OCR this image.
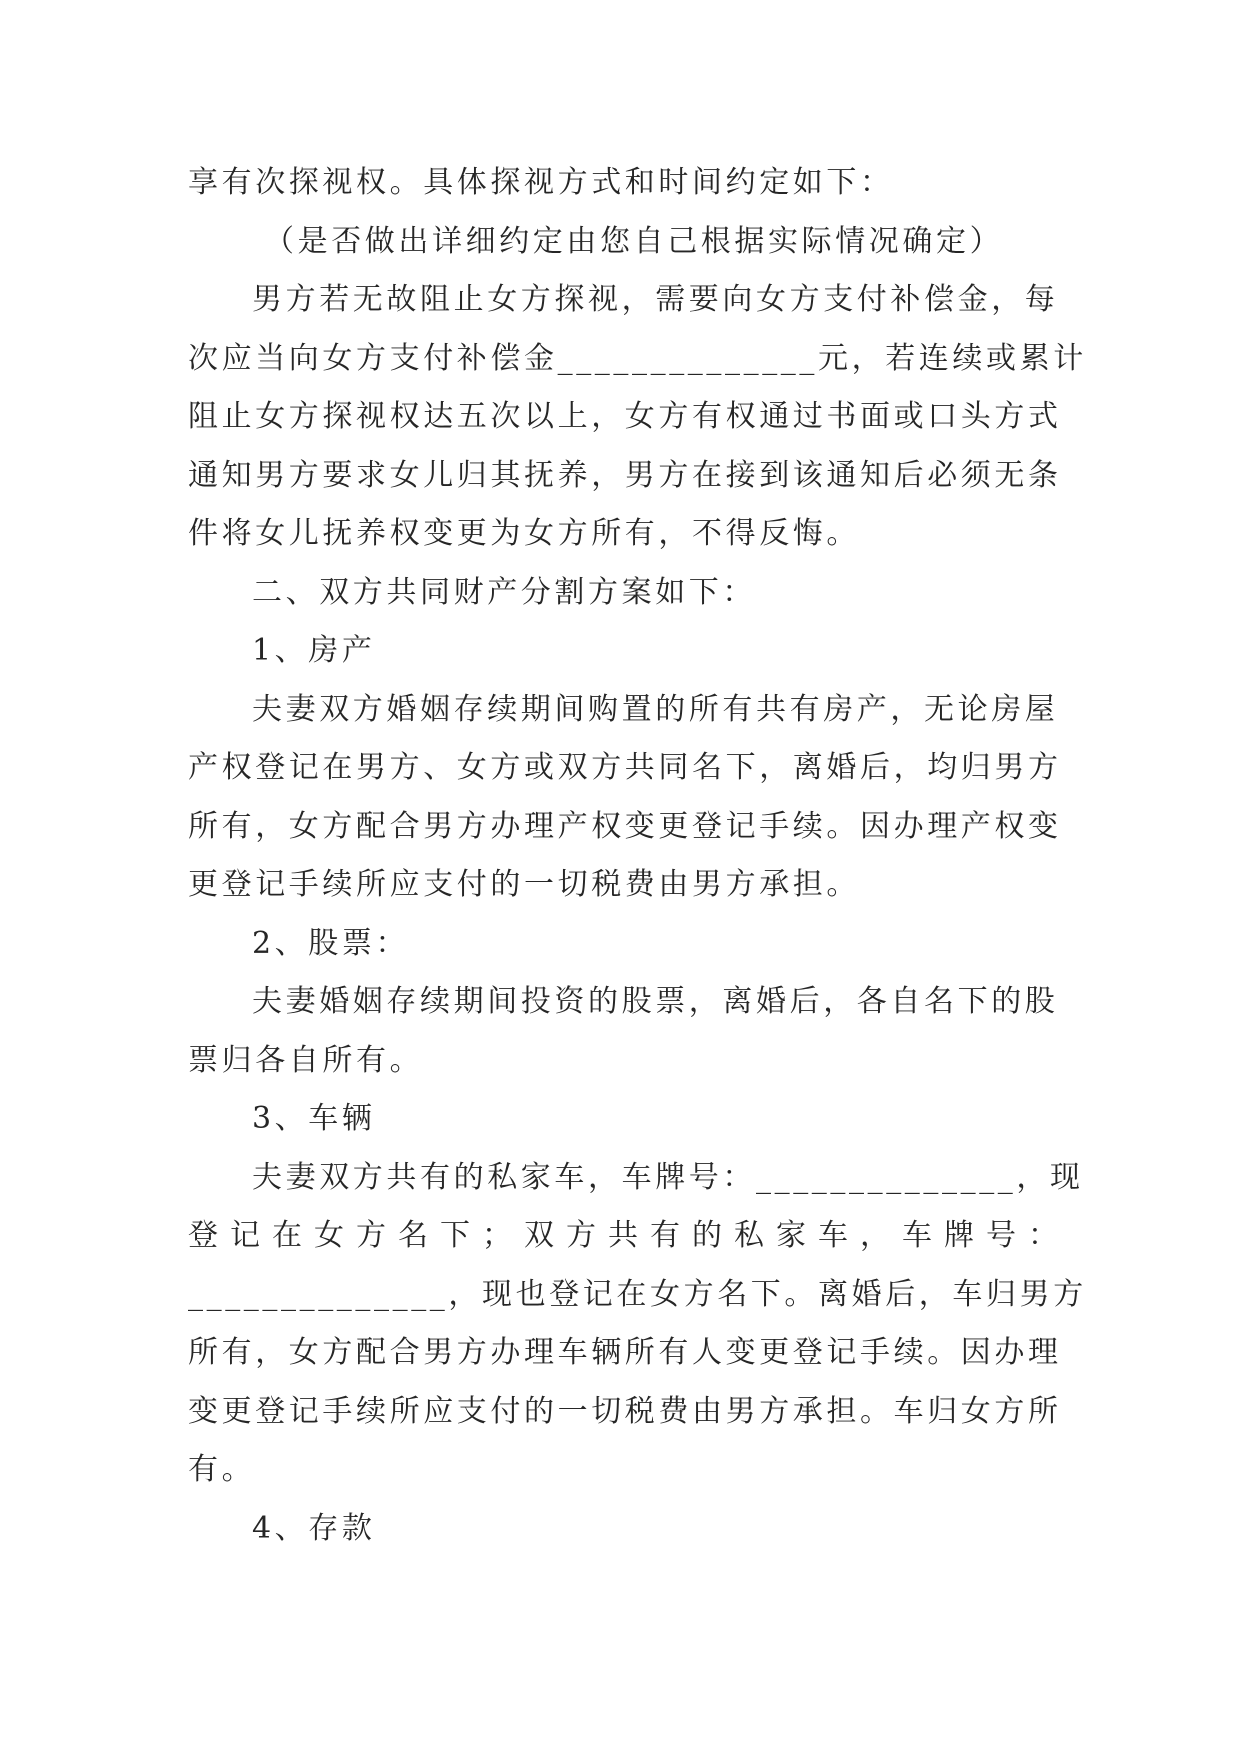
享有次探视权。具体探视方式和时间约定如下：
（是否做出详细约定由您自己根据实际情况确定）
男方若无故阻止女方探视，需要向女方支付补偿金，每
次应当向女方支付补偿金______________元，若连续或累计
阻止女方探视权达五次以上，女方有权通过书面或口头方式
通知男方要求女儿归其抚养，男方在接到该通知后必须无条
件将女儿抚养权变更为女方所有，不得反悔。
二、双方共同财产分割方案如下：
1、房产
夫妻双方婚姻存续期间购置的所有共有房产，无论房屋
产权登记在男方、女方或双方共同名下，离婚后，均归男方
所有，女方配合男方办理产权变更登记手续。因办理产权变
更登记手续所应支付的一切税费由男方承担。
2、股票：
夫妻婚姻存续期间投资的股票，离婚后，各自名下的股
票归各自所有。
3、车辆
夫妻双方共有的私家车，车牌号：______________，现
登记在女方名下；双方共有的私家车，车牌号：
______________，现也登记在女方名下。离婚后，车归男方
所有，女方配合男方办理车辆所有人变更登记手续。因办理
变更登记手续所应支付的一切税费由男方承担。车归女方所
有。
4、存款
